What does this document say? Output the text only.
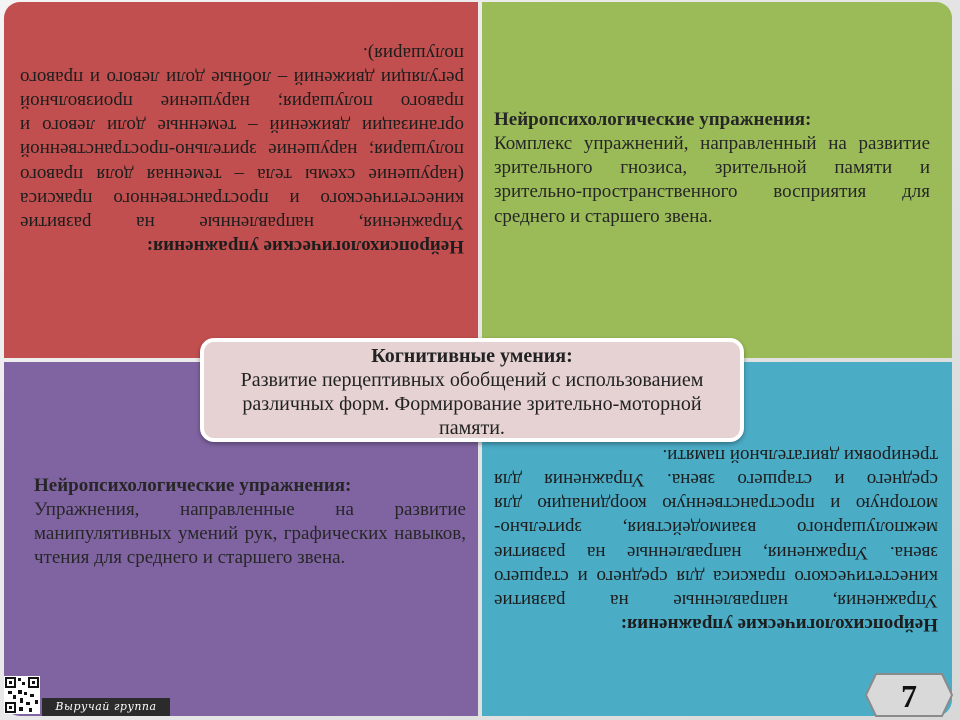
Нейропсихологические упражнения:
Упражнения, направленные на развитие кинестетического и пространственного праксиса (нарушение схемы тела – теменная доля правого полушария; нарушение зрительно-пространственной организации движений – теменные доли левого и правого полушария; нарушение произвольной регуляции движений – лобные доли левого и правого полушария).
Нейропсихологические упражнения:
Комплекс упражнений, направленный на развитие зрительного гнозиса, зрительной памяти и зрительно-пространственного восприятия для среднего и старшего звена.
Нейропсихологические упражнения:
Упражнения, направленные на развитие манипулятивных умений рук, графических навыков, чтения для среднего и старшего звена.
Нейропсихологические упражнения:
Упражнения, направленные на развитие кинестетического праксиса для среднего и старшего звена. Упражнения, направленные на развитие межполушарного взаимодействия, зрительно-моторную и пространственную координацию для среднего и старшего звена. Упражнения для тренировки двигательной памяти.
Когнитивные умения:
Развитие перцептивных обобщений с использованием различных форм. Формирование зрительно-моторной памяти.
Выручай группа	7
